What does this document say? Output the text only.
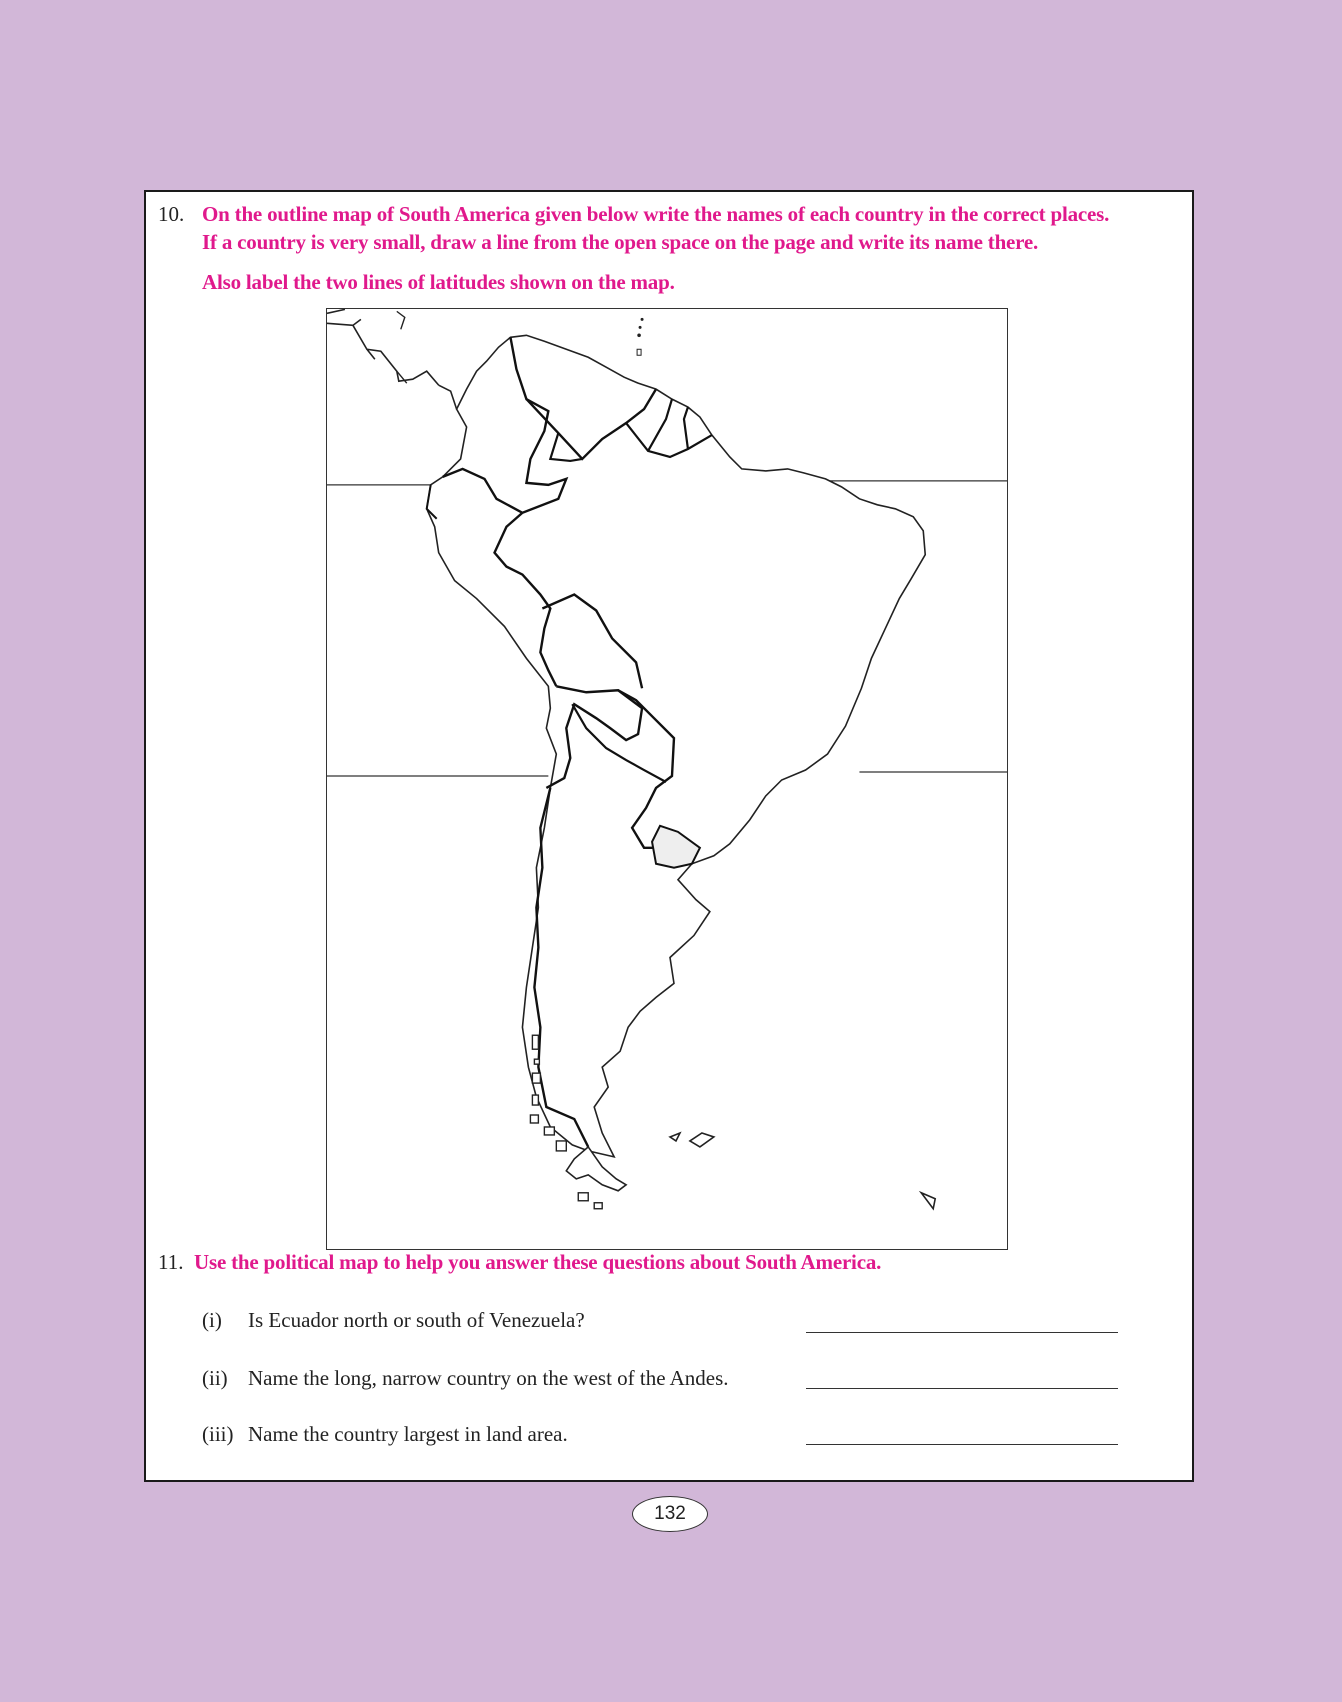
10. On the outline map of South America given below write the names of each country in the correct places.
If a country is very small, draw a line from the open space on the page and write its name there.
Also label the two lines of latitudes shown on the map.
11. Use the political map to help you answer these questions about South America.
(i) Is Ecuador north or south of Venezuela?
(ii) Name the long, narrow country on the west of the Andes.
(iii) Name the country largest in land area.
132
